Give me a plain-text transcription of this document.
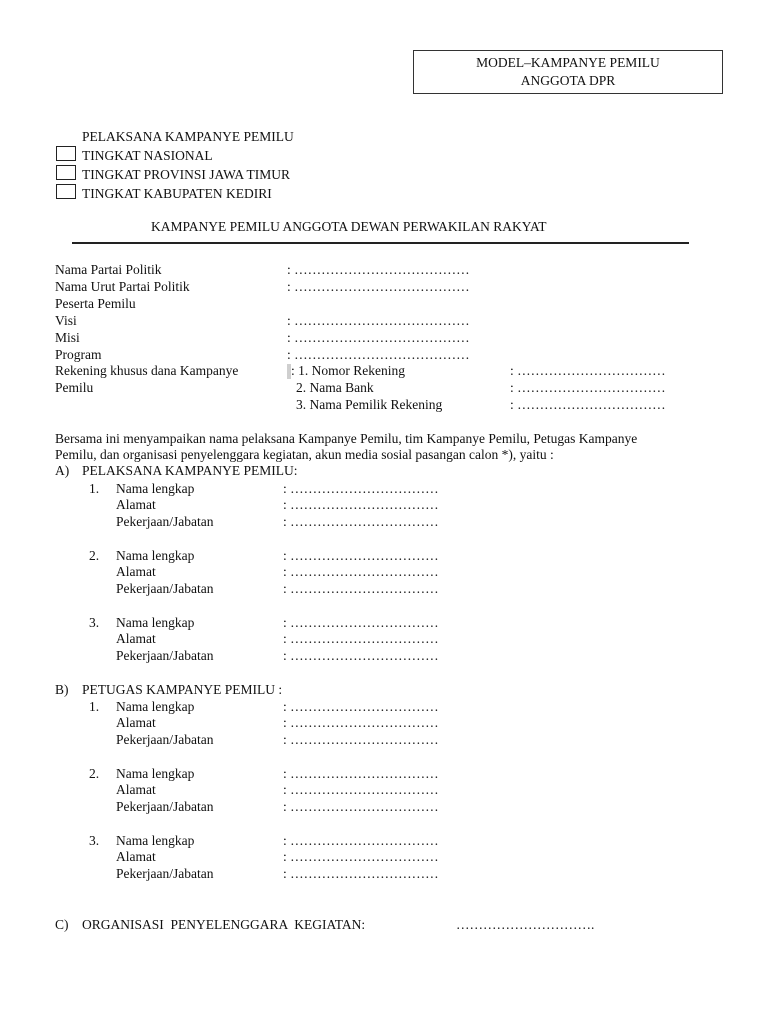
MODEL–KAMPANYE PEMILU
ANGGOTA DPR
PELAKSANA KAMPANYE PEMILU
TINGKAT NASIONAL
TINGKAT PROVINSI JAWA TIMUR
TINGKAT KABUPATEN KEDIRI
KAMPANYE PEMILU ANGGOTA DEWAN PERWAKILAN RAKYAT
Nama Partai Politik	: …………………………………
Nama Urut Partai Politik	: …………………………………
Peserta Pemilu
Visi	: …………………………………
Misi	: …………………………………
Program	: …………………………………
Rekening khusus dana Kampanye
Pemilu
: 1. Nomor Rekening	: ……………………………
2. Nama Bank	: ……………………………
3. Nama Pemilik Rekening	: ……………………………
Bersama ini menyampaikan nama pelaksana Kampanye Pemilu, tim Kampanye Pemilu, Petugas Kampanye
Pemilu, dan organisasi penyelenggara kegiatan, akun media sosial pasangan calon *), yaitu :
A) PELAKSANA KAMPANYE PEMILU:
1. Nama lengkap	: ……………………………
Alamat	: ……………………………
Pekerjaan/Jabatan	: ……………………………
2. Nama lengkap	: ……………………………
Alamat	: ……………………………
Pekerjaan/Jabatan	: ……………………………
3. Nama lengkap	: ……………………………
Alamat	: ……………………………
Pekerjaan/Jabatan	: ……………………………
B) PETUGAS KAMPANYE PEMILU :
1. Nama lengkap	: ……………………………
Alamat	: ……………………………
Pekerjaan/Jabatan	: ……………………………
2. Nama lengkap	: ……………………………
Alamat	: ……………………………
Pekerjaan/Jabatan	: ……………………………
3. Nama lengkap	: ……………………………
Alamat	: ……………………………
Pekerjaan/Jabatan	: ……………………………
C) ORGANISASI  PENYELENGGARA  KEGIATAN:	………………………….
